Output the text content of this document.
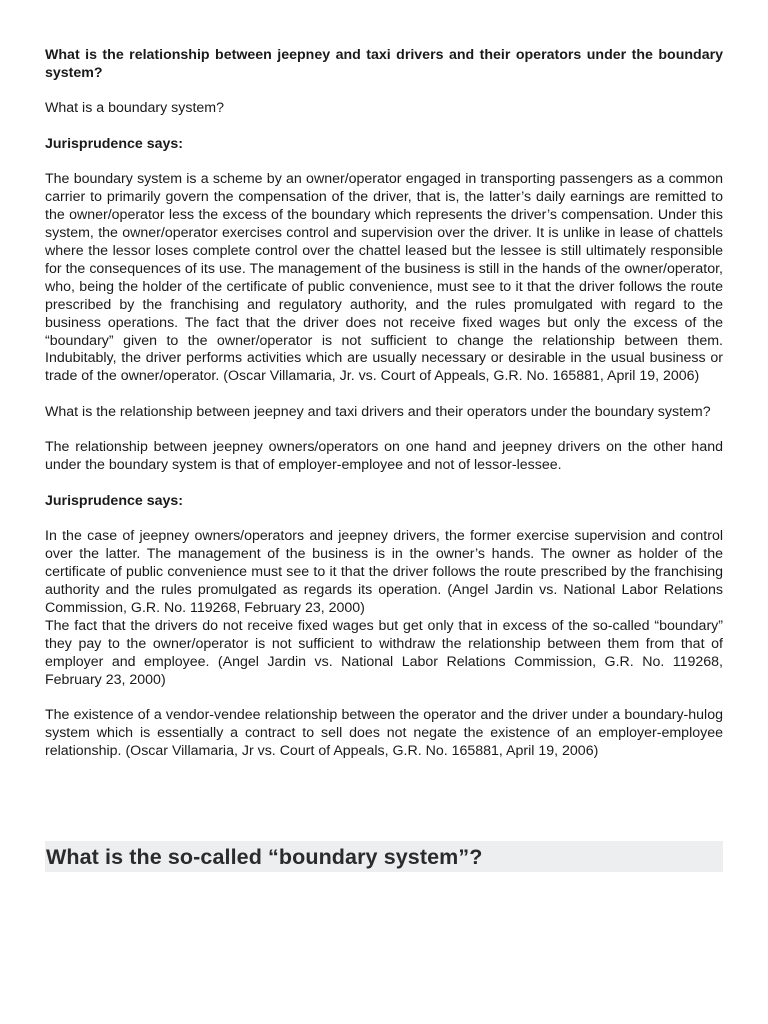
What is the relationship between jeepney and taxi drivers and their operators under the boundary system?

What is a boundary system?

Jurisprudence says:

The boundary system is a scheme by an owner/operator engaged in transporting passengers as a common carrier to primarily govern the compensation of the driver, that is, the latter’s daily earnings are remitted to the owner/operator less the excess of the boundary which represents the driver’s compensation. Under this system, the owner/operator exercises control and supervision over the driver. It is unlike in lease of chattels where the lessor loses complete control over the chattel leased but the lessee is still ultimately responsible for the consequences of its use. The management of the business is still in the hands of the owner/operator, who, being the holder of the certificate of public convenience, must see to it that the driver follows the route prescribed by the franchising and regulatory authority, and the rules promulgated with regard to the business operations. The fact that the driver does not receive fixed wages but only the excess of the “boundary” given to the owner/operator is not sufficient to change the relationship between them. Indubitably, the driver performs activities which are usually necessary or desirable in the usual business or trade of the owner/operator. (Oscar Villamaria, Jr. vs. Court of Appeals, G.R. No. 165881, April 19, 2006)

What is the relationship between jeepney and taxi drivers and their operators under the boundary system?

The relationship between jeepney owners/operators on one hand and jeepney drivers on the other hand under the boundary system is that of employer-employee and not of lessor-lessee.

Jurisprudence says:

In the case of jeepney owners/operators and jeepney drivers, the former exercise supervision and control over the latter. The management of the business is in the owner’s hands. The owner as holder of the certificate of public convenience must see to it that the driver follows the route prescribed by the franchising authority and the rules promulgated as regards its operation. (Angel Jardin vs. National Labor Relations Commission, G.R. No. 119268, February 23, 2000)

The fact that the drivers do not receive fixed wages but get only that in excess of the so-called “boundary” they pay to the owner/operator is not sufficient to withdraw the relationship between them from that of employer and employee. (Angel Jardin vs. National Labor Relations Commission, G.R. No. 119268, February 23, 2000)

The existence of a vendor-vendee relationship between the operator and the driver under a boundary-hulog system which is essentially a contract to sell does not negate the existence of an employer-employee relationship. (Oscar Villamaria, Jr vs. Court of Appeals, G.R. No. 165881, April 19, 2006)

What is the so-called “boundary system”?
